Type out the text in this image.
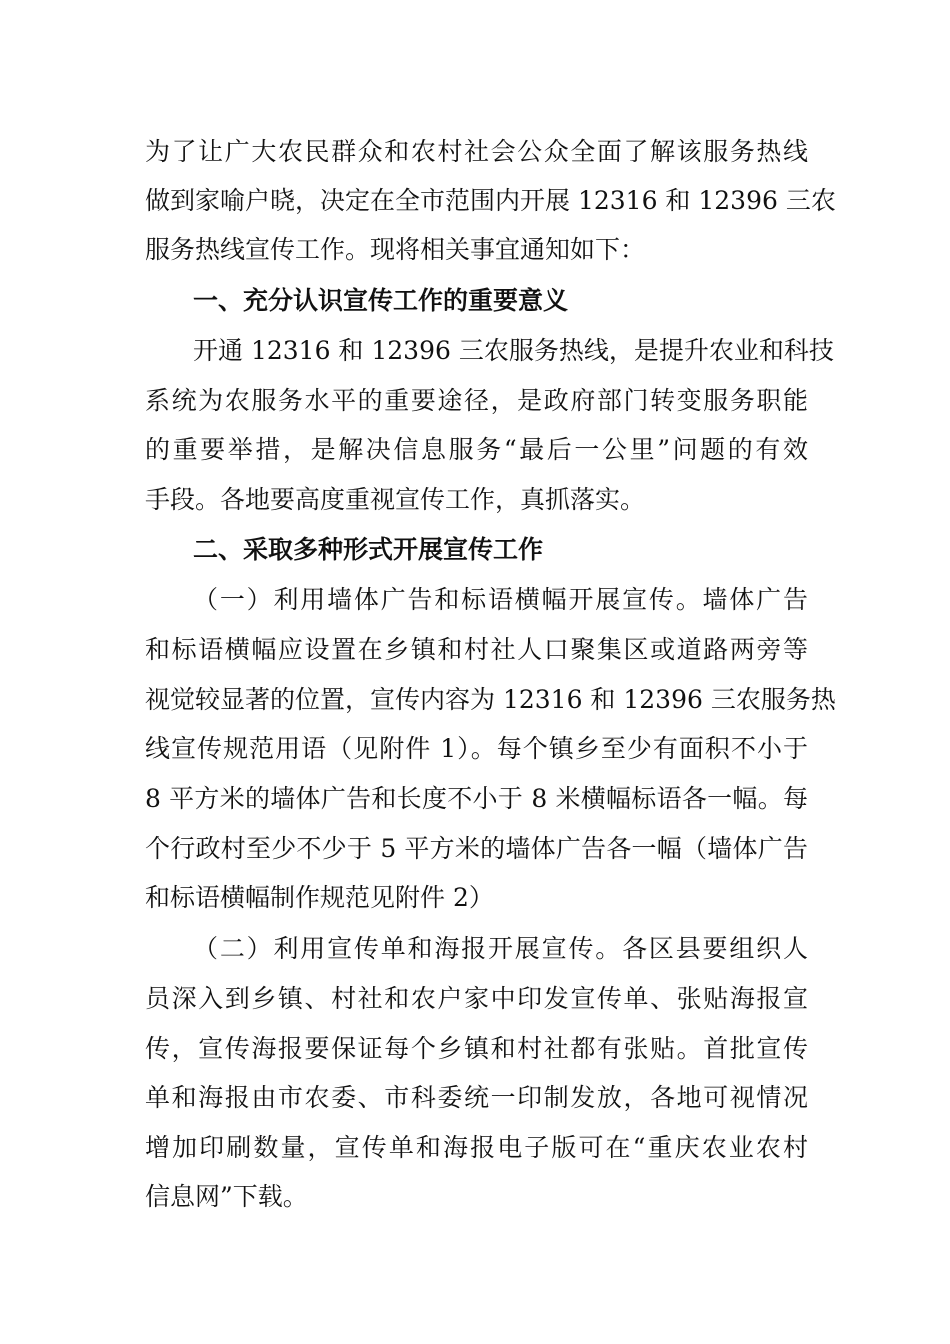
为了让广大农民群众和农村社会公众全面了解该服务热线
做到家喻户晓，决定在全市范围内开展 12316 和 12396 三农
服务热线宣传工作。现将相关事宜通知如下：
一、充分认识宣传工作的重要意义
开通 12316 和 12396 三农服务热线，是提升农业和科技
系统为农服务水平的重要途径，是政府部门转变服务职能
的重要举措，是解决信息服务“最后一公里”问题的有效
手段。各地要高度重视宣传工作，真抓落实。
二、采取多种形式开展宣传工作
（一）利用墙体广告和标语横幅开展宣传。墙体广告
和标语横幅应设置在乡镇和村社人口聚集区或道路两旁等
视觉较显著的位置，宣传内容为 12316 和 12396 三农服务热
线宣传规范用语（见附件 1）。每个镇乡至少有面积不小于
8 平方米的墙体广告和长度不小于 8 米横幅标语各一幅。每
个行政村至少不少于 5 平方米的墙体广告各一幅（墙体广告
和标语横幅制作规范见附件 2）
（二）利用宣传单和海报开展宣传。各区县要组织人
员深入到乡镇、村社和农户家中印发宣传单、张贴海报宣
传，宣传海报要保证每个乡镇和村社都有张贴。首批宣传
单和海报由市农委、市科委统一印制发放，各地可视情况
增加印刷数量，宣传单和海报电子版可在“重庆农业农村
信息网”下载。
